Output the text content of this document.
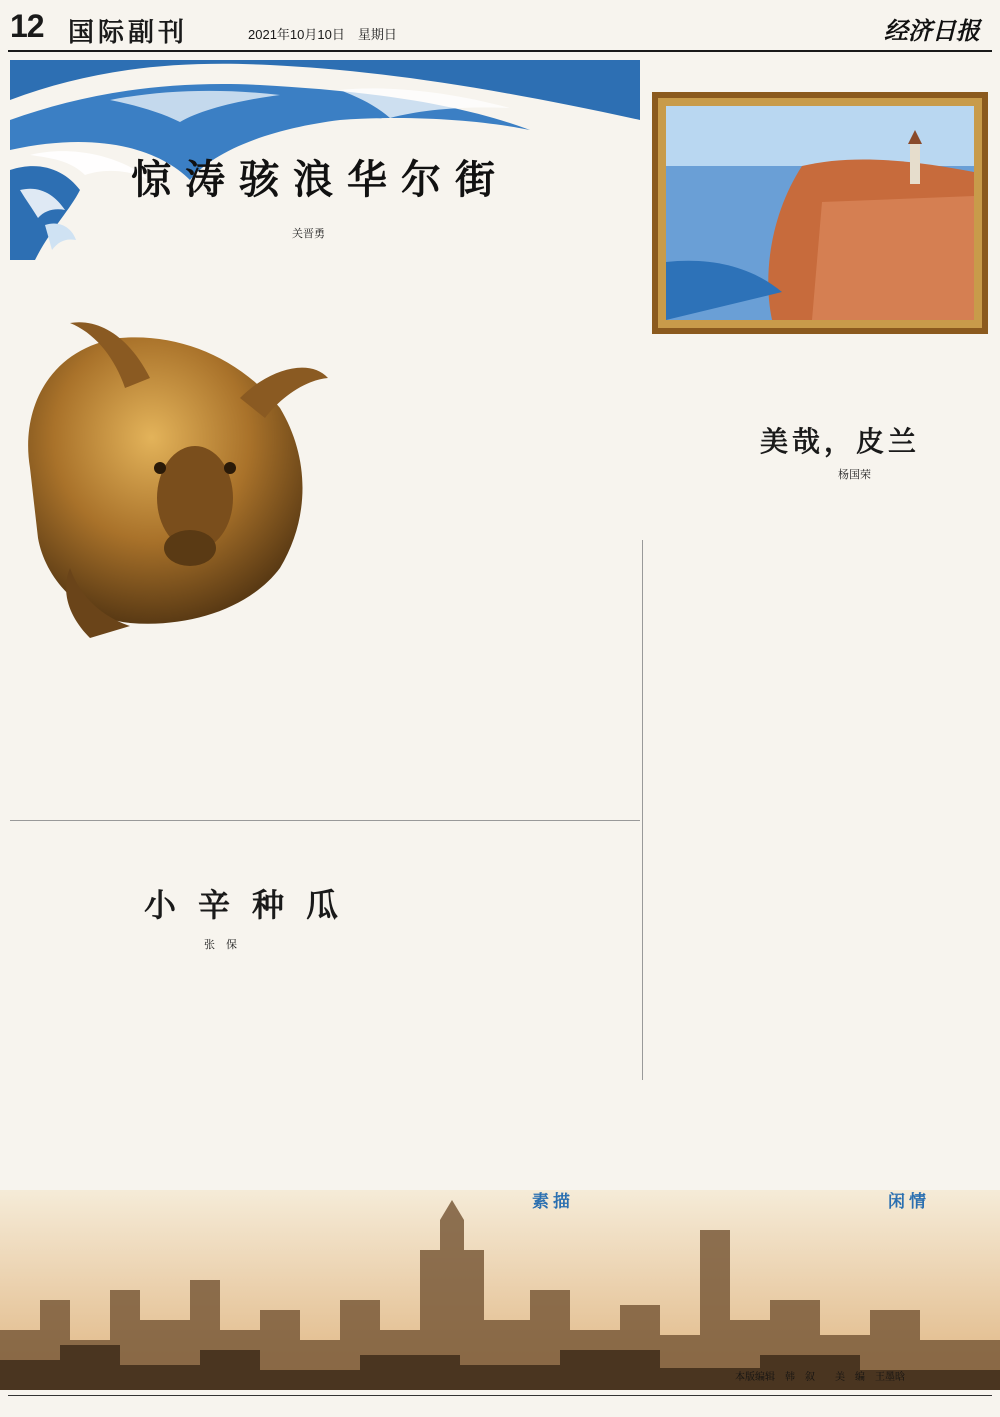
12 国际副刊	2021年10月10日　星期日	经济日报
惊涛骇浪华尔街
关晋勇

美哉，皮兰
杨国荣

小辛种瓜
张　保

素描	闲情
本版编辑　韩　叙　　美　编　王墨晗
